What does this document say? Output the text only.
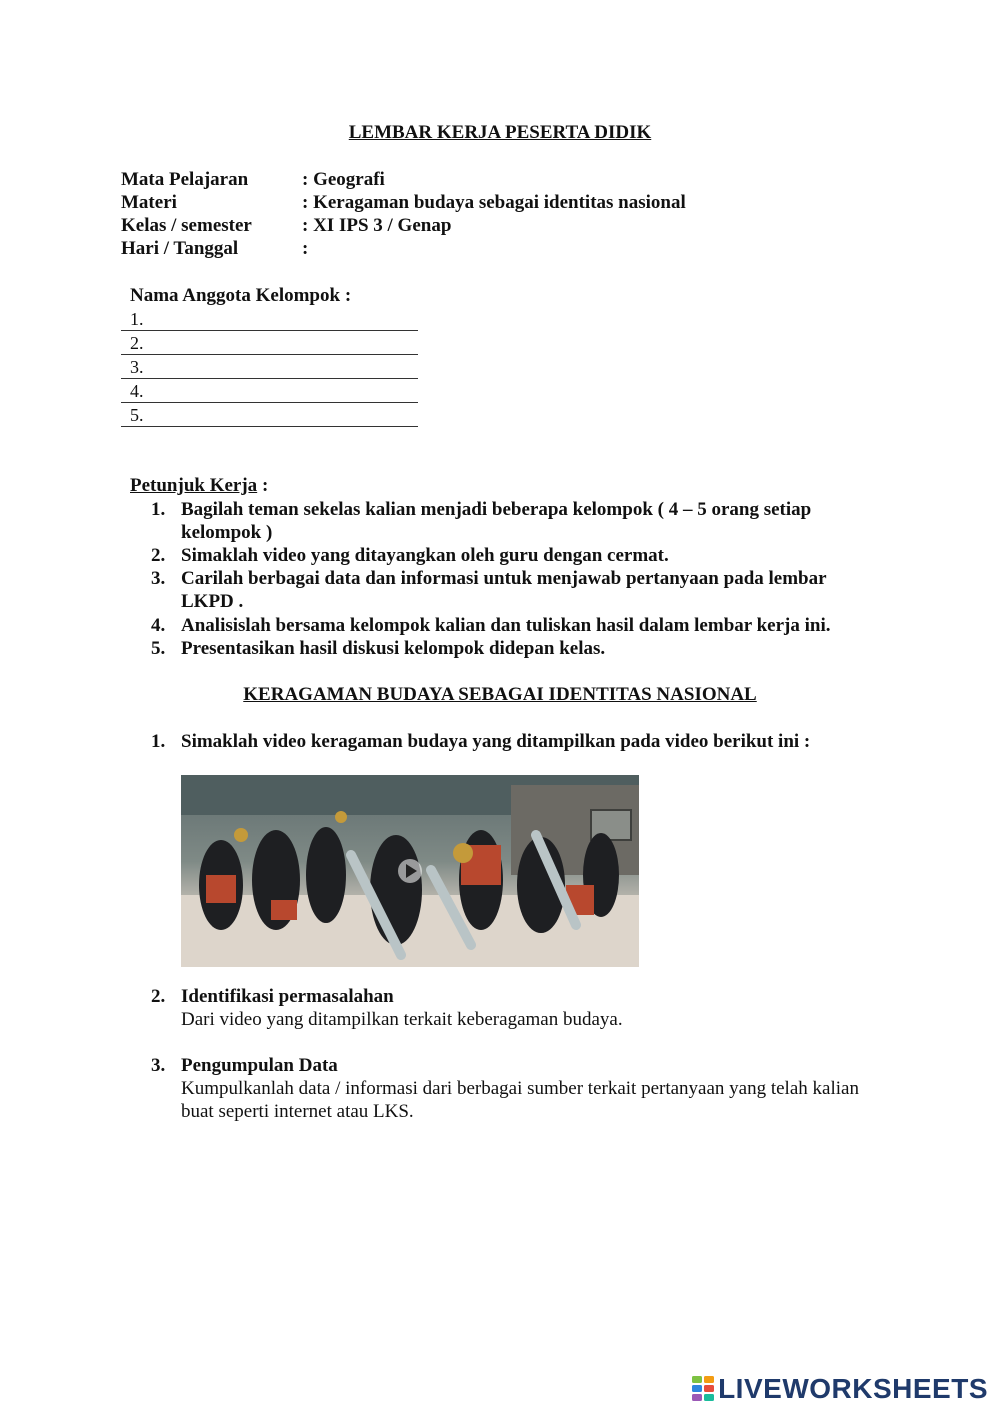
LEMBAR KERJA PESERTA DIDIK
Mata Pelajaran	: Geografi
Materi	: Keragaman budaya sebagai identitas nasional
Kelas / semester	: XI IPS 3 / Genap
Hari / Tanggal	:
Nama Anggota Kelompok :
1.
2.
3.
4.
5.
Petunjuk Kerja :
1. Bagilah teman sekelas kalian menjadi beberapa kelompok ( 4 – 5 orang setiap kelompok )
2. Simaklah video yang ditayangkan oleh guru dengan cermat.
3. Carilah berbagai data dan informasi untuk menjawab pertanyaan pada lembar LKPD .
4. Analisislah bersama kelompok kalian dan tuliskan hasil dalam lembar kerja ini.
5. Presentasikan hasil diskusi kelompok didepan kelas.
KERAGAMAN BUDAYA SEBAGAI IDENTITAS NASIONAL
1. Simaklah video keragaman budaya yang ditampilkan pada video berikut ini :
2. Identifikasi permasalahan
Dari video yang ditampilkan terkait keberagaman budaya.
3. Pengumpulan Data
Kumpulkanlah data / informasi dari berbagai sumber terkait pertanyaan yang telah kalian buat seperti internet atau LKS.
LIVEWORKSHEETS
